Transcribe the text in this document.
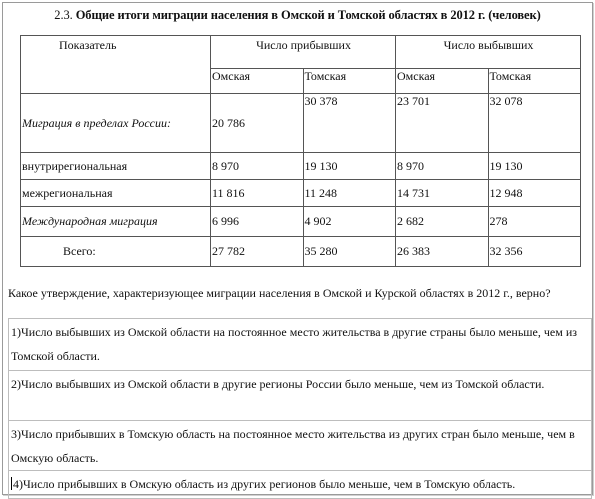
2.3. Общие итоги миграции населения в Омской и Томской областях в 2012 г. (человек)
Показатель	Число прибывших		Число выбывших	
	Омская	Томская	Омская	Томская
Миграция в пределах России:	20 786	30 378	23 701	32 078
внутрирегиональная	8 970	19 130	8 970	19 130
межрегиональная	11 816	11 248	14 731	12 948
Международная миграция	6 996	4 902	2 682	278
Всего:	27 782	35 280	26 383	32 356
Какое утверждение, характеризующее миграции населения в Омской и Курской областях в 2012 г., верно?
1)Число выбывших из Омской области на постоянное место жительства в другие страны было меньше, чем из Томской области.
2)Число выбывших из Омской области в другие регионы России было меньше, чем из Томской области.
3)Число прибывших в Томскую область на постоянное место жительства из других стран было меньше, чем в Омскую область.
4)Число прибывших в Омскую область из других регионов было меньше, чем в Томскую область.
